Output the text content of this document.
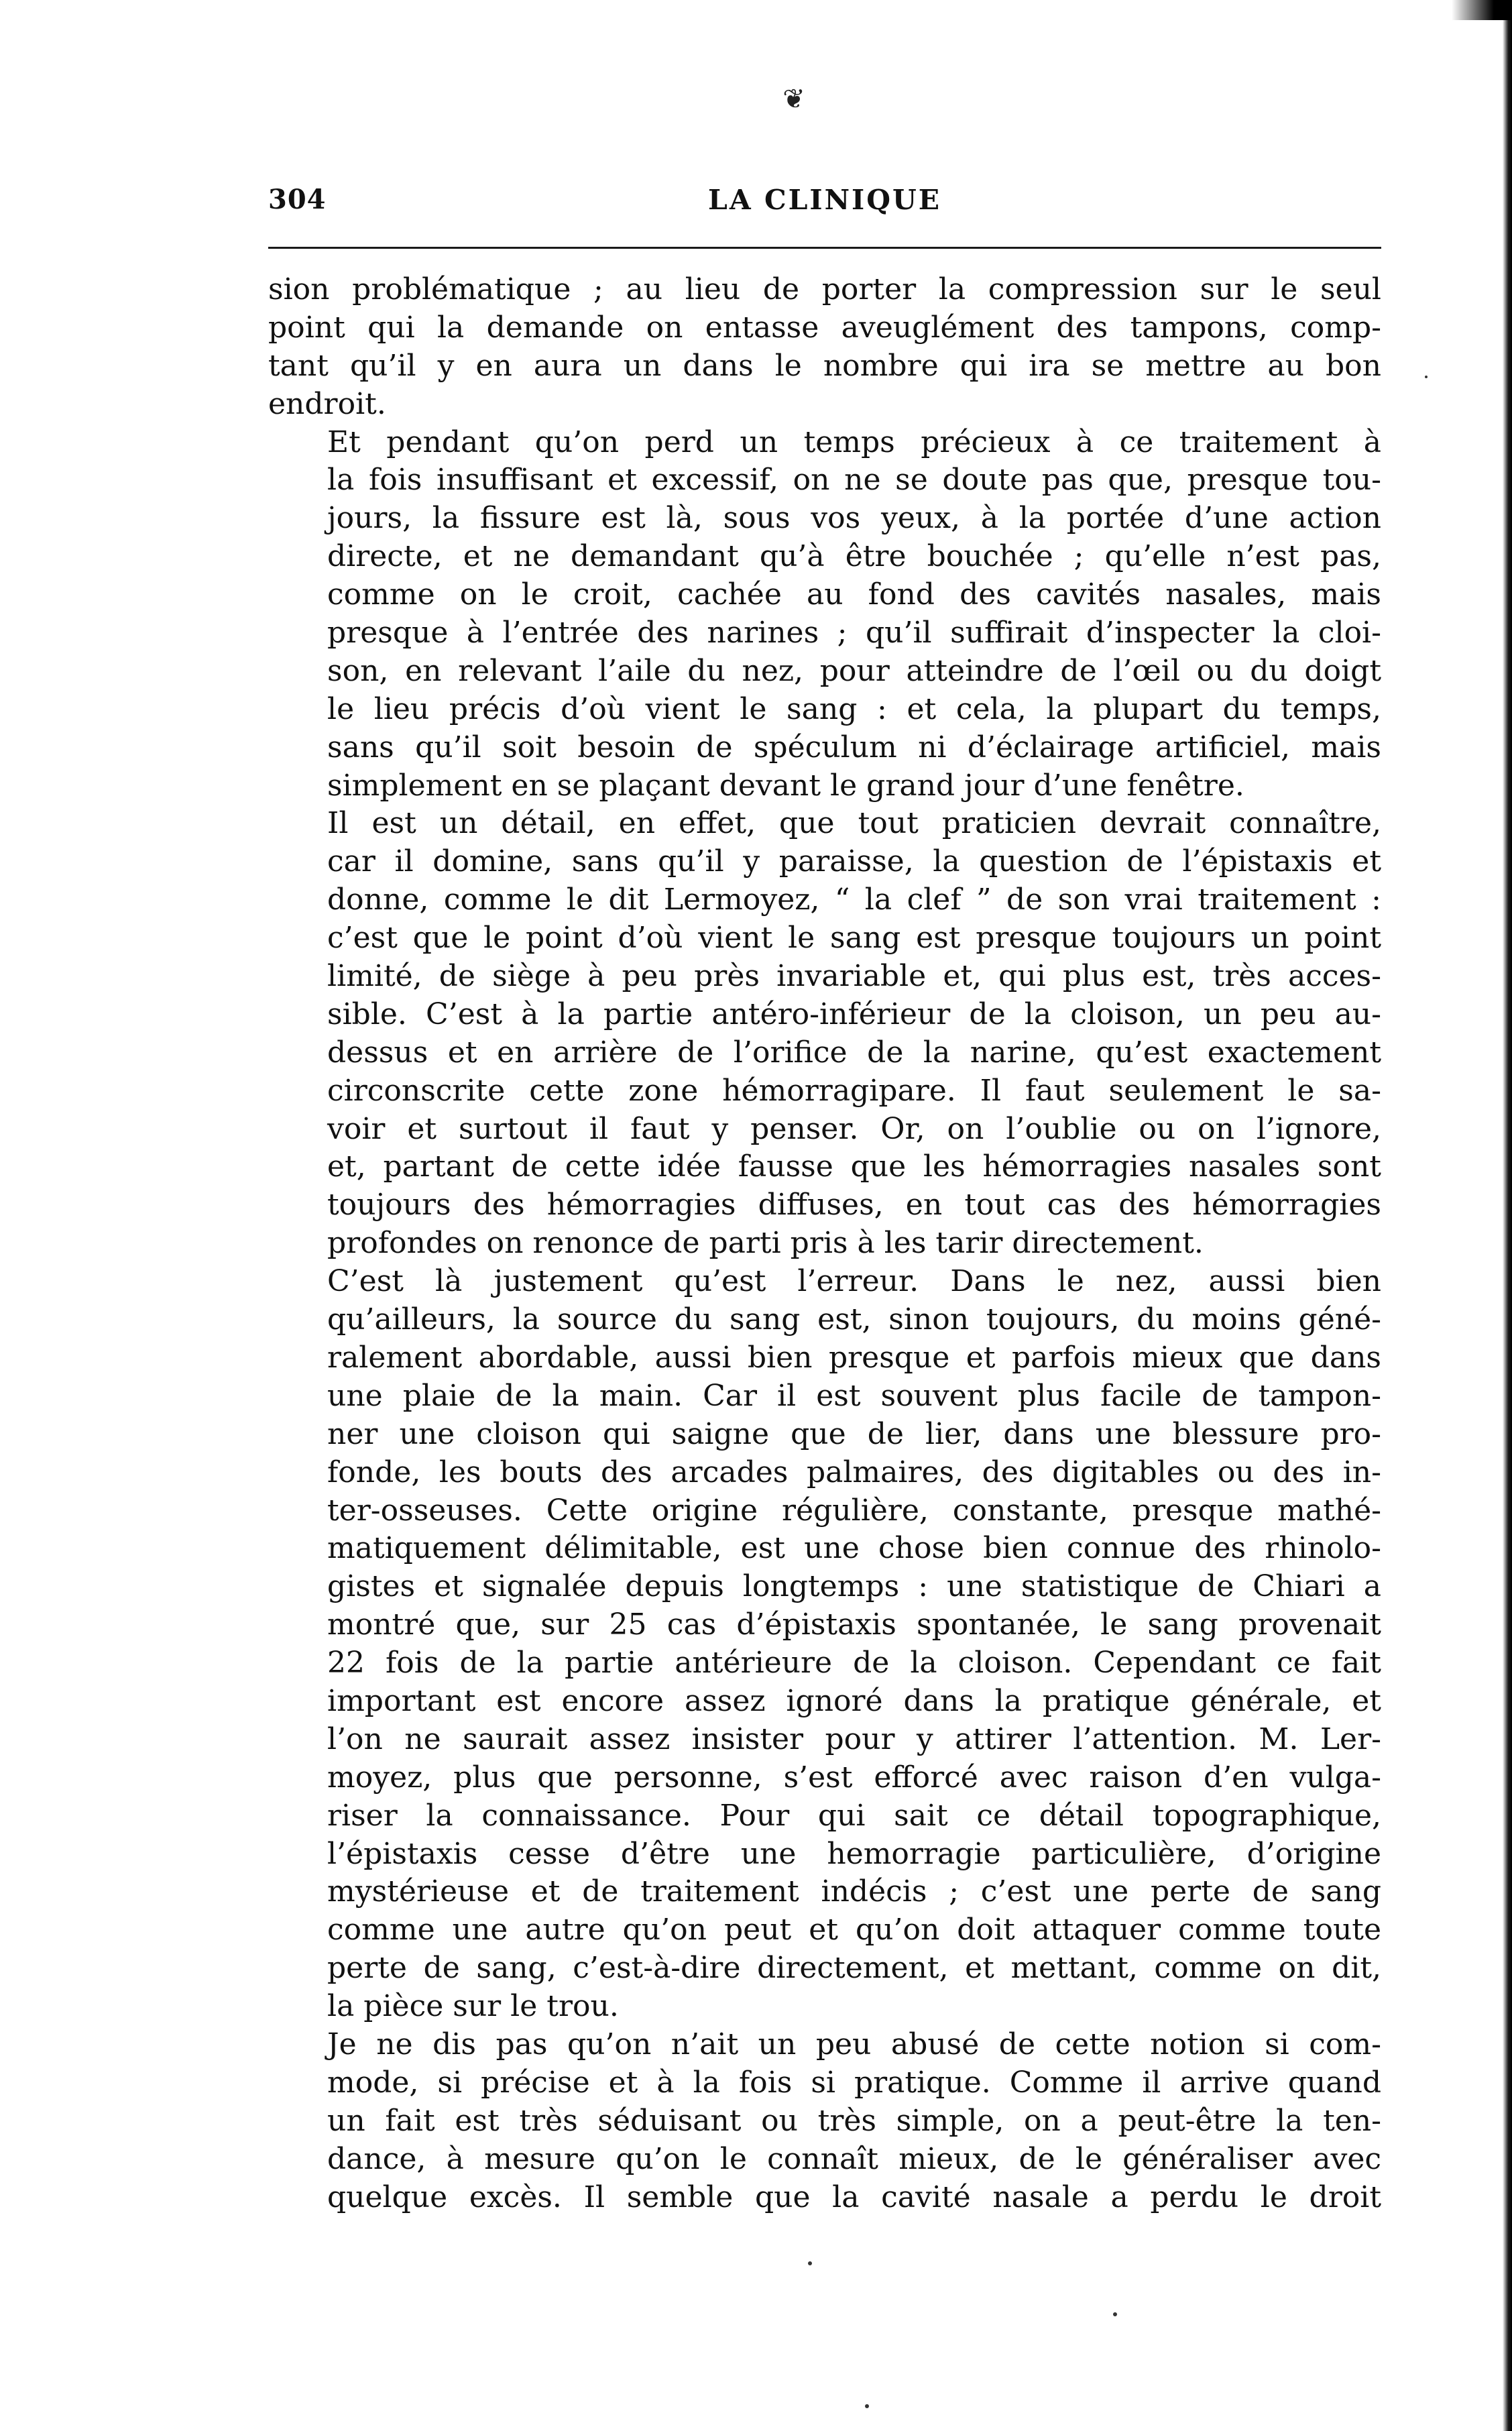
❦
304	LA CLINIQUE
sion problématique ; au lieu de porter la compression sur le seul
point qui la demande on entasse aveuglément des tampons, comp-
tant qu’il y en aura un dans le nombre qui ira se mettre au bon
endroit.
Et pendant qu’on perd un temps précieux à ce traitement à
la fois insuffisant et excessif, on ne se doute pas que, presque tou-
jours, la fissure est là, sous vos yeux, à la portée d’une action
directe, et ne demandant qu’à être bouchée ; qu’elle n’est pas,
comme on le croit, cachée au fond des cavités nasales, mais
presque à l’entrée des narines ; qu’il suffirait d’inspecter la cloi-
son, en relevant l’aile du nez, pour atteindre de l’œil ou du doigt
le lieu précis d’où vient le sang : et cela, la plupart du temps,
sans qu’il soit besoin de spéculum ni d’éclairage artificiel, mais
simplement en se plaçant devant le grand jour d’une fenêtre.
Il est un détail, en effet, que tout praticien devrait connaître,
car il domine, sans qu’il y paraisse, la question de l’épistaxis et
donne, comme le dit Lermoyez, “ la clef ” de son vrai traitement :
c’est que le point d’où vient le sang est presque toujours un point
limité, de siège à peu près invariable et, qui plus est, très acces-
sible. C’est à la partie antéro-inférieur de la cloison, un peu au-
dessus et en arrière de l’orifice de la narine, qu’est exactement
circonscrite cette zone hémorragipare. Il faut seulement le sa-
voir et surtout il faut y penser. Or, on l’oublie ou on l’ignore,
et, partant de cette idée fausse que les hémorragies nasales sont
toujours des hémorragies diffuses, en tout cas des hémorragies
profondes on renonce de parti pris à les tarir directement.
C’est là justement qu’est l’erreur. Dans le nez, aussi bien
qu’ailleurs, la source du sang est, sinon toujours, du moins géné-
ralement abordable, aussi bien presque et parfois mieux que dans
une plaie de la main. Car il est souvent plus facile de tampon-
ner une cloison qui saigne que de lier, dans une blessure pro-
fonde, les bouts des arcades palmaires, des digitables ou des in-
ter-osseuses. Cette origine régulière, constante, presque mathé-
matiquement délimitable, est une chose bien connue des rhinolo-
gistes et signalée depuis longtemps : une statistique de Chiari a
montré que, sur 25 cas d’épistaxis spontanée, le sang provenait
22 fois de la partie antérieure de la cloison. Cependant ce fait
important est encore assez ignoré dans la pratique générale, et
l’on ne saurait assez insister pour y attirer l’attention. M. Ler-
moyez, plus que personne, s’est efforcé avec raison d’en vulga-
riser la connaissance. Pour qui sait ce détail topographique,
l’épistaxis cesse d’être une hemorragie particulière, d’origine
mystérieuse et de traitement indécis ; c’est une perte de sang
comme une autre qu’on peut et qu’on doit attaquer comme toute
perte de sang, c’est-à-dire directement, et mettant, comme on dit,
la pièce sur le trou.
Je ne dis pas qu’on n’ait un peu abusé de cette notion si com-
mode, si précise et à la fois si pratique. Comme il arrive quand
un fait est très séduisant ou très simple, on a peut-être la ten-
dance, à mesure qu’on le connaît mieux, de le généraliser avec
quelque excès. Il semble que la cavité nasale a perdu le droit
